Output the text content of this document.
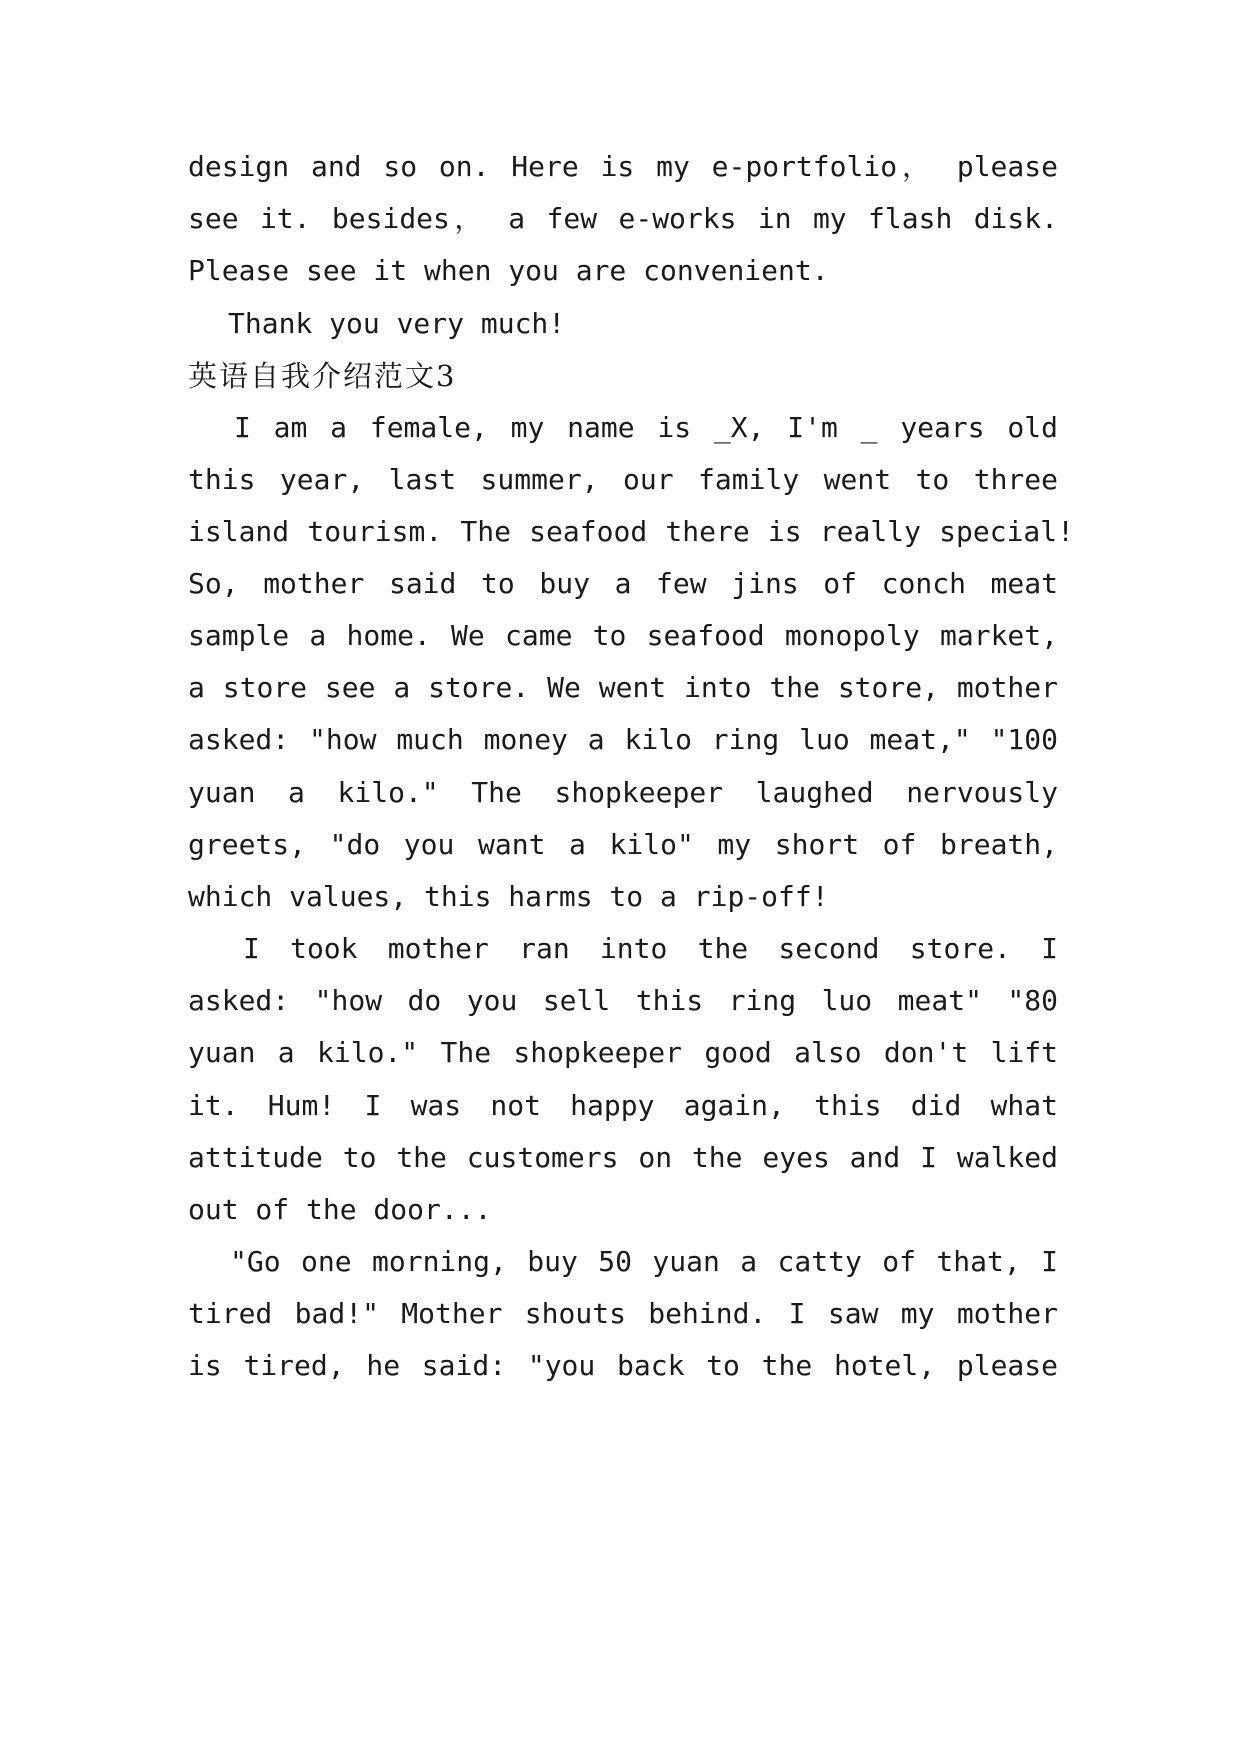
design and so on. Here is my e-portfolio， please
see it. besides， a few e-works in my flash disk.
Please see it when you are convenient.
Thank you very much!
英语自我介绍范文3
I am a female, my name is _X, I'm _ years old
this year, last summer, our family went to three
island tourism. The seafood there is really special!
So, mother said to buy a few jins of conch meat
sample a home. We came to seafood monopoly market,
a store see a store. We went into the store, mother
asked: "how much money a kilo ring luo meat," "100
yuan a kilo." The shopkeeper laughed nervously
greets, "do you want a kilo" my short of breath,
which values, this harms to a rip-off!
I took mother ran into the second store. I
asked: "how do you sell this ring luo meat" "80
yuan a kilo." The shopkeeper good also don't lift
it. Hum! I was not happy again, this did what
attitude to the customers on the eyes and I walked
out of the door...
"Go one morning, buy 50 yuan a catty of that, I
tired bad!" Mother shouts behind. I saw my mother
is tired, he said: "you back to the hotel, please
